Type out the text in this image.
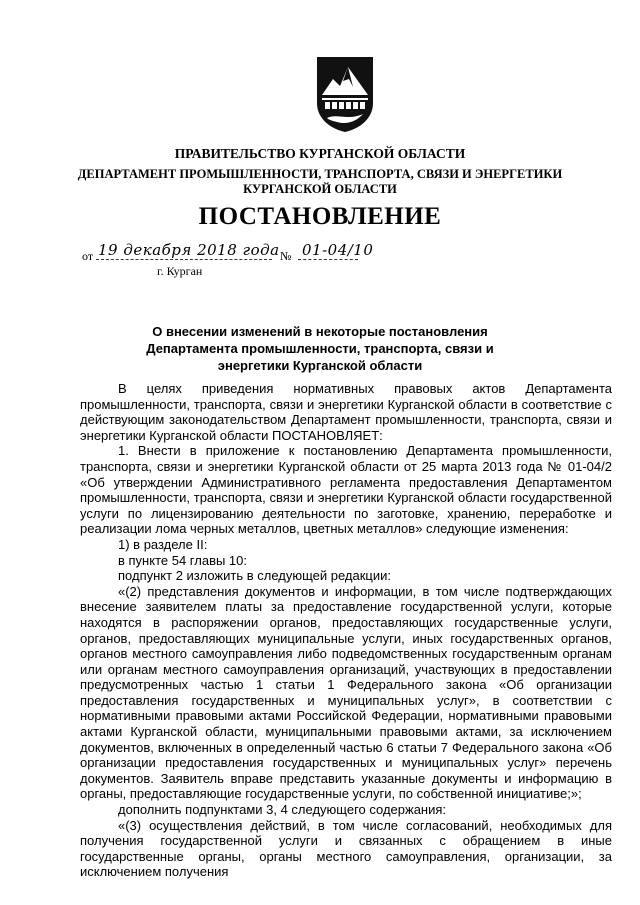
ПРАВИТЕЛЬСТВО КУРГАНСКОЙ ОБЛАСТИ
ДЕПАРТАМЕНТ ПРОМЫШЛЕННОСТИ, ТРАНСПОРТА, СВЯЗИ И ЭНЕРГЕТИКИ
КУРГАНСКОЙ ОБЛАСТИ
ПОСТАНОВЛЕНИЕ
от 19 декабря 2018 года № 01-04/10
г. Курган
О внесении изменений в некоторые постановления Департамента промышленности, транспорта, связи и энергетики Курганской области

В целях приведения нормативных правовых актов Департамента промышленности, транспорта, связи и энергетики Курганской области в соответствие с действующим законодательством Департамент промышленности, транспорта, связи и энергетики Курганской области ПОСТАНОВЛЯЕТ:

1. Внести в приложение к постановлению Департамента промышленности, транспорта, связи и энергетики Курганской области от 25 марта 2013 года № 01-04/2 «Об утверждении Административного регламента предоставления Департаментом промышленности, транспорта, связи и энергетики Курганской области государственной услуги по лицензированию деятельности по заготовке, хранению, переработке и реализации лома черных металлов, цветных металлов» следующие изменения:

1) в разделе II:

в пункте 54 главы 10:

подпункт 2 изложить в следующей редакции:

«(2) представления документов и информации, в том числе подтверждающих внесение заявителем платы за предоставление государственной услуги, которые находятся в распоряжении органов, предоставляющих государственные услуги, органов, предоставляющих муниципальные услуги, иных государственных органов, органов местного самоуправления либо подведомственных государственным органам или органам местного самоуправления организаций, участвующих в предоставлении предусмотренных частью 1 статьи 1 Федерального закона «Об организации предоставления государственных и муниципальных услуг», в соответствии с нормативными правовыми актами Российской Федерации, нормативными правовыми актами Курганской области, муниципальными правовыми актами, за исключением документов, включенных в определенный частью 6 статьи 7 Федерального закона «Об организации предоставления государственных и муниципальных услуг» перечень документов. Заявитель вправе представить указанные документы и информацию в органы, предоставляющие государственные услуги, по собственной инициативе;»;

дополнить подпунктами 3, 4 следующего содержания:

«(3) осуществления действий, в том числе согласований, необходимых для получения государственной услуги и связанных с обращением в иные государственные органы, органы местного самоуправления, организации, за исключением получения
